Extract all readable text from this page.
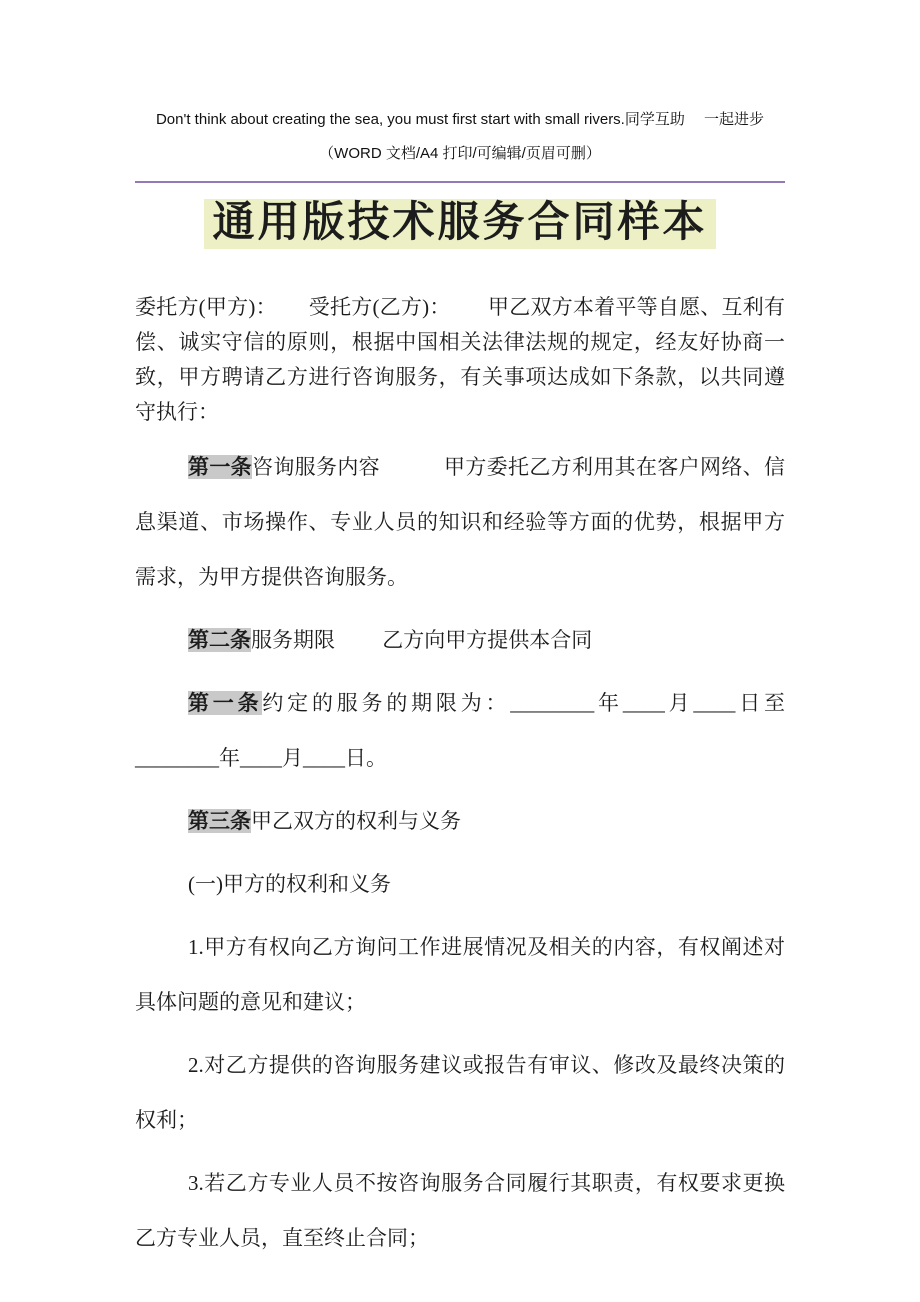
Don't think about creating the sea, you must first start with small rivers.同学互助　 一起进步（WORD 文档/A4 打印/可编辑/页眉可删）

通用版技术服务合同样本

委托方(甲方)：　　受托方(乙方)：　　 甲乙双方本着平等自愿、互利有偿、诚实守信的原则，根据中国相关法律法规的规定，经友好协商一致，甲方聘请乙方进行咨询服务，有关事项达成如下条款，以共同遵守执行：

第一条咨询服务内容　　　甲方委托乙方利用其在客户网络、信息渠道、市场操作、专业人员的知识和经验等方面的优势，根据甲方需求，为甲方提供咨询服务。

第二条服务期限　　 乙方向甲方提供本合同

第一条约定的服务的期限为：________年____月____日至________年____月____日。

第三条甲乙双方的权利与义务

(一)甲方的权利和义务

1.甲方有权向乙方询问工作进展情况及相关的内容，有权阐述对具体问题的意见和建议；

2.对乙方提供的咨询服务建议或报告有审议、修改及最终决策的权利；

3.若乙方专业人员不按咨询服务合同履行其职责，有权要求更换乙方专业人员，直至终止合同；
